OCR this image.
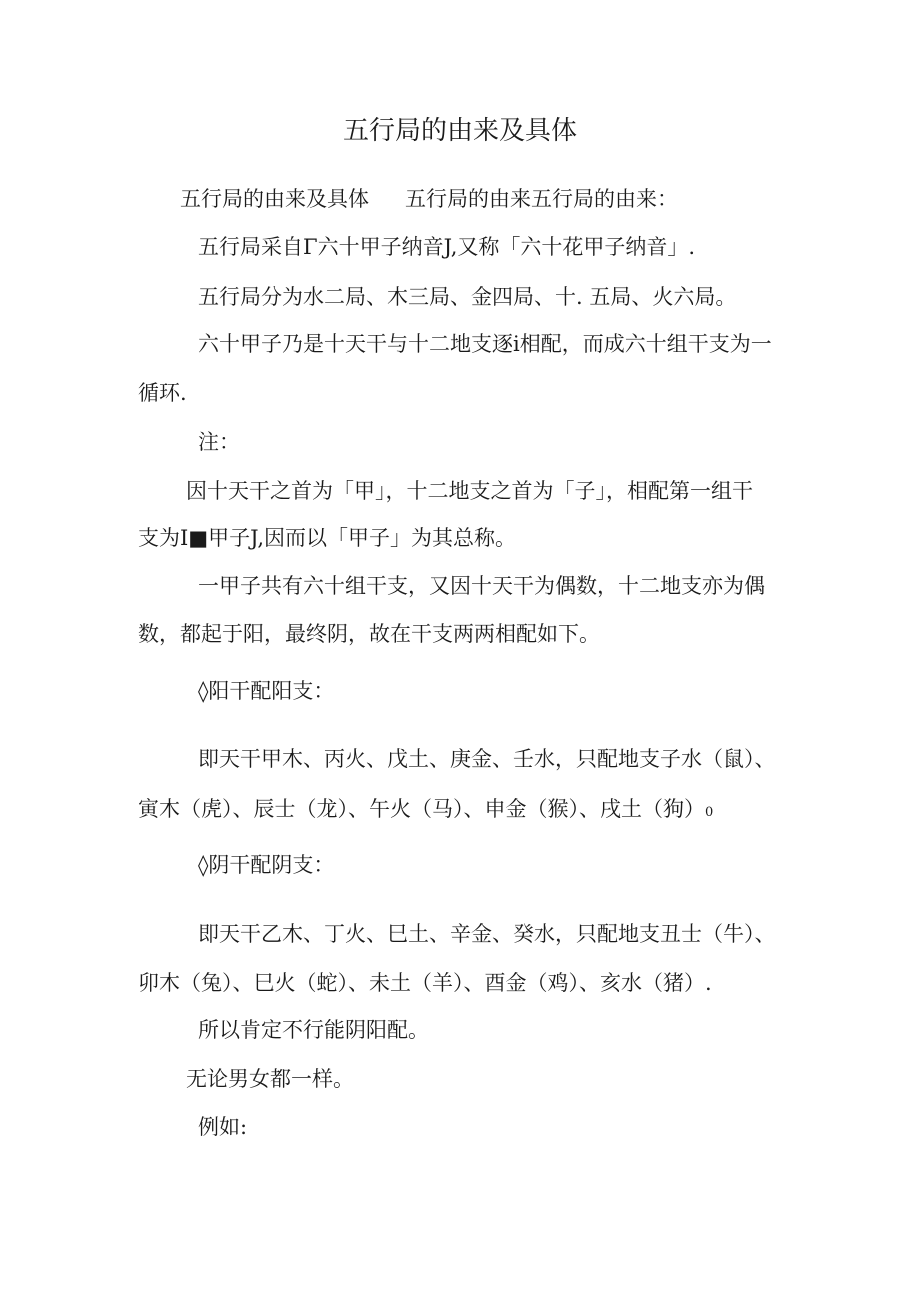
五行局的由来及具体

五行局的由来及具体 五行局的由来五行局的由来：

五行局采自Γ六十甲子纳音J,又称「六十花甲子纳音」.

五行局分为水二局、木三局、金四局、十. 五局、火六局。

六十甲子乃是十天干与十二地支逐i相配，而成六十组干支为一

循环.

注：

因十天干之首为「甲」，十二地支之首为「子」，相配第一组干

支为I■甲子J,因而以「甲子」为其总称。

一甲子共有六十组干支，又因十天干为偶数，十二地支亦为偶

数，都起于阳，最终阴，故在干支两两相配如下。

◊阳干配阳支：

即天干甲木、丙火、戊土、庚金、壬水，只配地支子水（鼠）、

寅木（虎）、辰士（龙）、午火（马）、申金（猴）、戌土（狗）0

◊阴干配阴支：

即天干乙木、丁火、巳土、辛金、癸水，只配地支丑士（牛）、

卯木（兔）、巳火（蛇）、未土（羊）、酉金（鸡）、亥水（猪）.

所以肯定不行能阴阳配。

无论男女都一样。

例如:
